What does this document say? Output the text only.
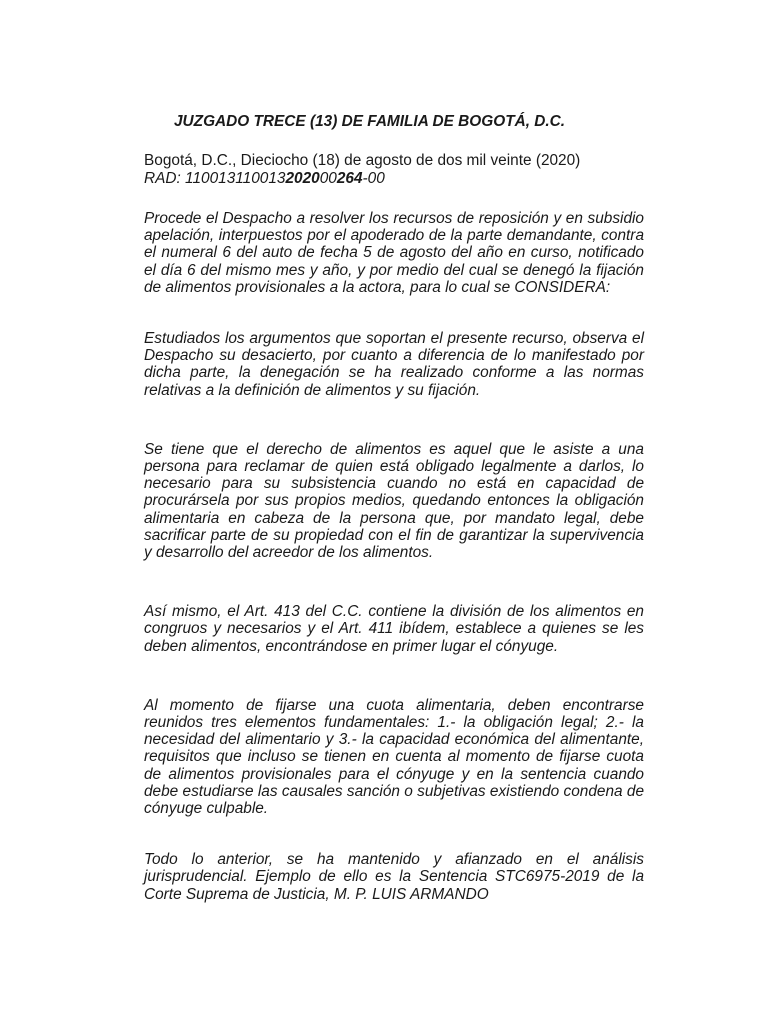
JUZGADO TRECE (13) DE FAMILIA DE BOGOTÁ, D.C.

Bogotá, D.C., Dieciocho (18) de agosto de dos mil veinte (2020)

RAD: 110013110013202000264-00

Procede el Despacho a resolver los recursos de reposición y en subsidio apelación, interpuestos por el apoderado de la parte demandante, contra el numeral 6 del auto de fecha 5 de agosto del año en curso, notificado el día 6 del mismo mes y año, y por medio del cual se denegó la fijación de alimentos provisionales a la actora, para lo cual se CONSIDERA:

Estudiados los argumentos que soportan el presente recurso, observa el Despacho su desacierto, por cuanto a diferencia de lo manifestado por dicha parte, la denegación se ha realizado conforme a las normas relativas a la definición de alimentos y su fijación.

Se tiene que el derecho de alimentos es aquel que le asiste a una persona para reclamar de quien está obligado legalmente a darlos, lo necesario para su subsistencia cuando no está en capacidad de procurársela por sus propios medios, quedando entonces la obligación alimentaria en cabeza de la persona que, por mandato legal, debe sacrificar parte de su propiedad con el fin de garantizar la supervivencia y desarrollo del acreedor de los alimentos.

Así mismo, el Art. 413 del C.C. contiene la división de los alimentos en congruos y necesarios y el Art. 411 ibídem, establece a quienes se les deben alimentos, encontrándose en primer lugar el cónyuge.

Al momento de fijarse una cuota alimentaria, deben encontrarse reunidos tres elementos fundamentales: 1.- la obligación legal; 2.- la necesidad del alimentario y 3.- la capacidad económica del alimentante, requisitos que incluso se tienen en cuenta al momento de fijarse cuota de alimentos provisionales para el cónyuge y en la sentencia cuando debe estudiarse las causales sanción o subjetivas existiendo condena de cónyuge culpable.

Todo lo anterior, se ha mantenido y afianzado en el análisis jurisprudencial. Ejemplo de ello es la Sentencia STC6975-2019 de la Corte Suprema de Justicia, M. P. LUIS ARMANDO
